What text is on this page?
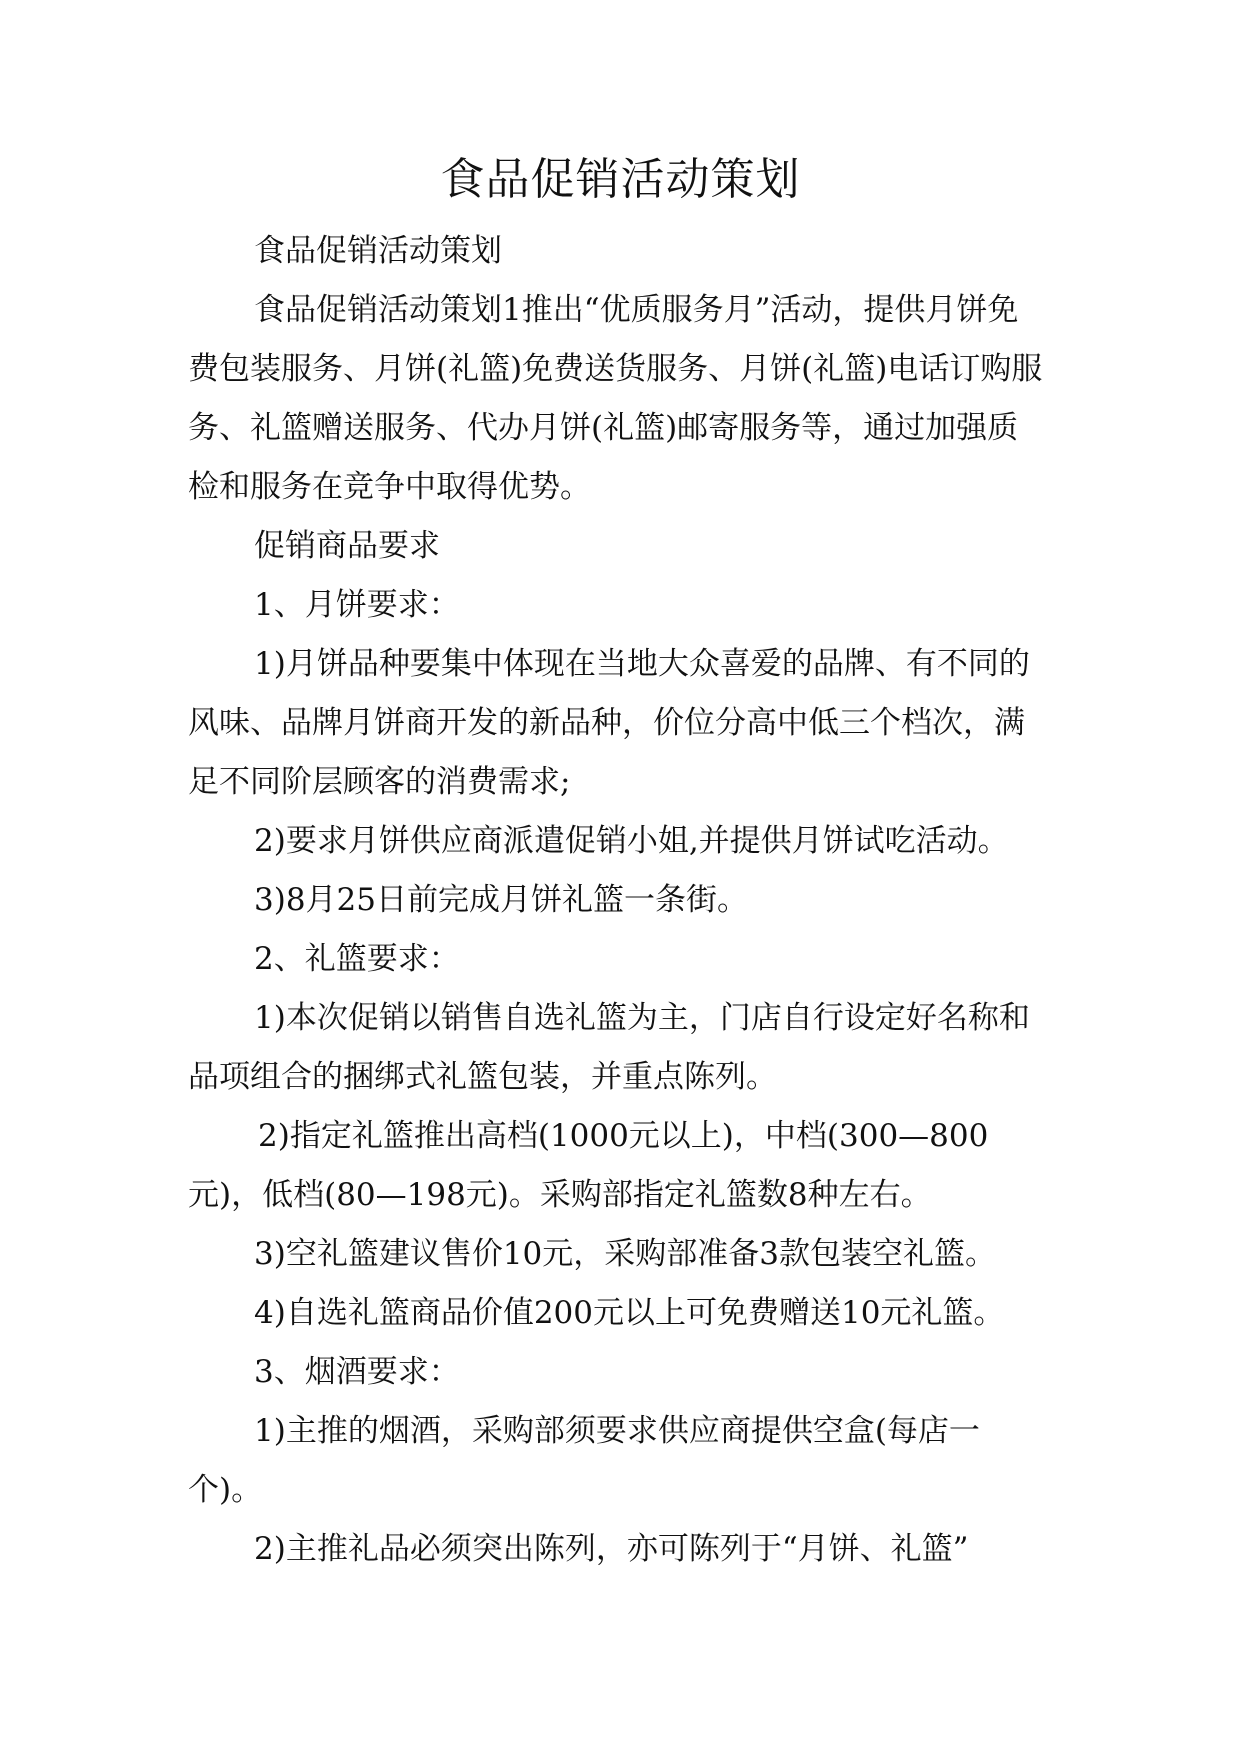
食品促销活动策划

食品促销活动策划

食品促销活动策划1推出“优质服务月”活动，提供月饼免费包装服务、月饼(礼篮)免费送货服务、月饼(礼篮)电话订购服务、礼篮赠送服务、代办月饼(礼篮)邮寄服务等，通过加强质检和服务在竞争中取得优势。

促销商品要求

1、月饼要求：

1)月饼品种要集中体现在当地大众喜爱的品牌、有不同的风味、品牌月饼商开发的新品种，价位分高中低三个档次，满足不同阶层顾客的消费需求;

2)要求月饼供应商派遣促销小姐,并提供月饼试吃活动。

3)8月25日前完成月饼礼篮一条街。

2、礼篮要求：

1)本次促销以销售自选礼篮为主，门店自行设定好名称和品项组合的捆绑式礼篮包装，并重点陈列。

2)指定礼篮推出高档(1000元以上)，中档(300—800元)，低档(80—198元)。采购部指定礼篮数8种左右。

3)空礼篮建议售价10元，采购部准备3款包装空礼篮。

4)自选礼篮商品价值200元以上可免费赠送10元礼篮。

3、烟酒要求：

1)主推的烟酒，采购部须要求供应商提供空盒(每店一个)。

2)主推礼品必须突出陈列，亦可陈列于“月饼、礼篮”
